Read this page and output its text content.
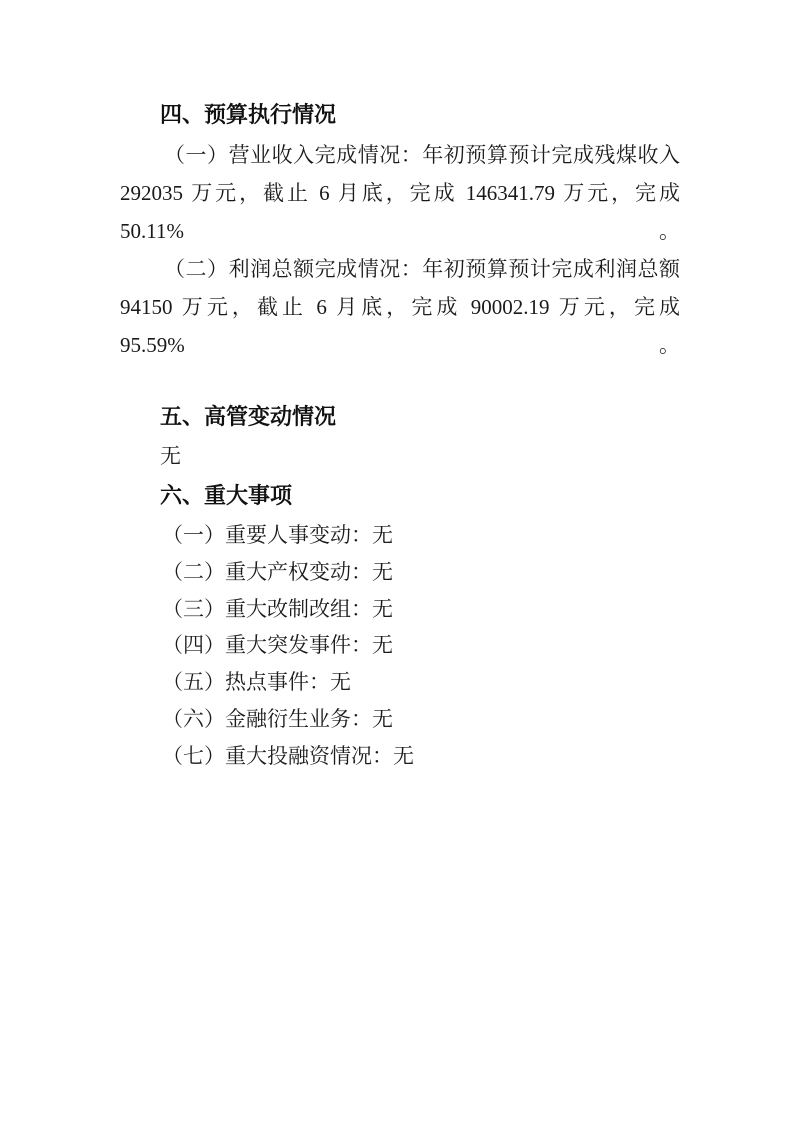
四、预算执行情况
（一）营业收入完成情况：年初预算预计完成残煤收入
292035 万元，截止 6 月底，完成 146341.79 万元，完成 50.11%。
（二）利润总额完成情况：年初预算预计完成利润总额
94150 万元，截止 6 月底，完成 90002.19 万元，完成 95.59%。
五、高管变动情况
无
六、重大事项
（一）重要人事变动：无
（二）重大产权变动：无
（三）重大改制改组：无
（四）重大突发事件：无
（五）热点事件：无
（六）金融衍生业务：无
（七）重大投融资情况：无
